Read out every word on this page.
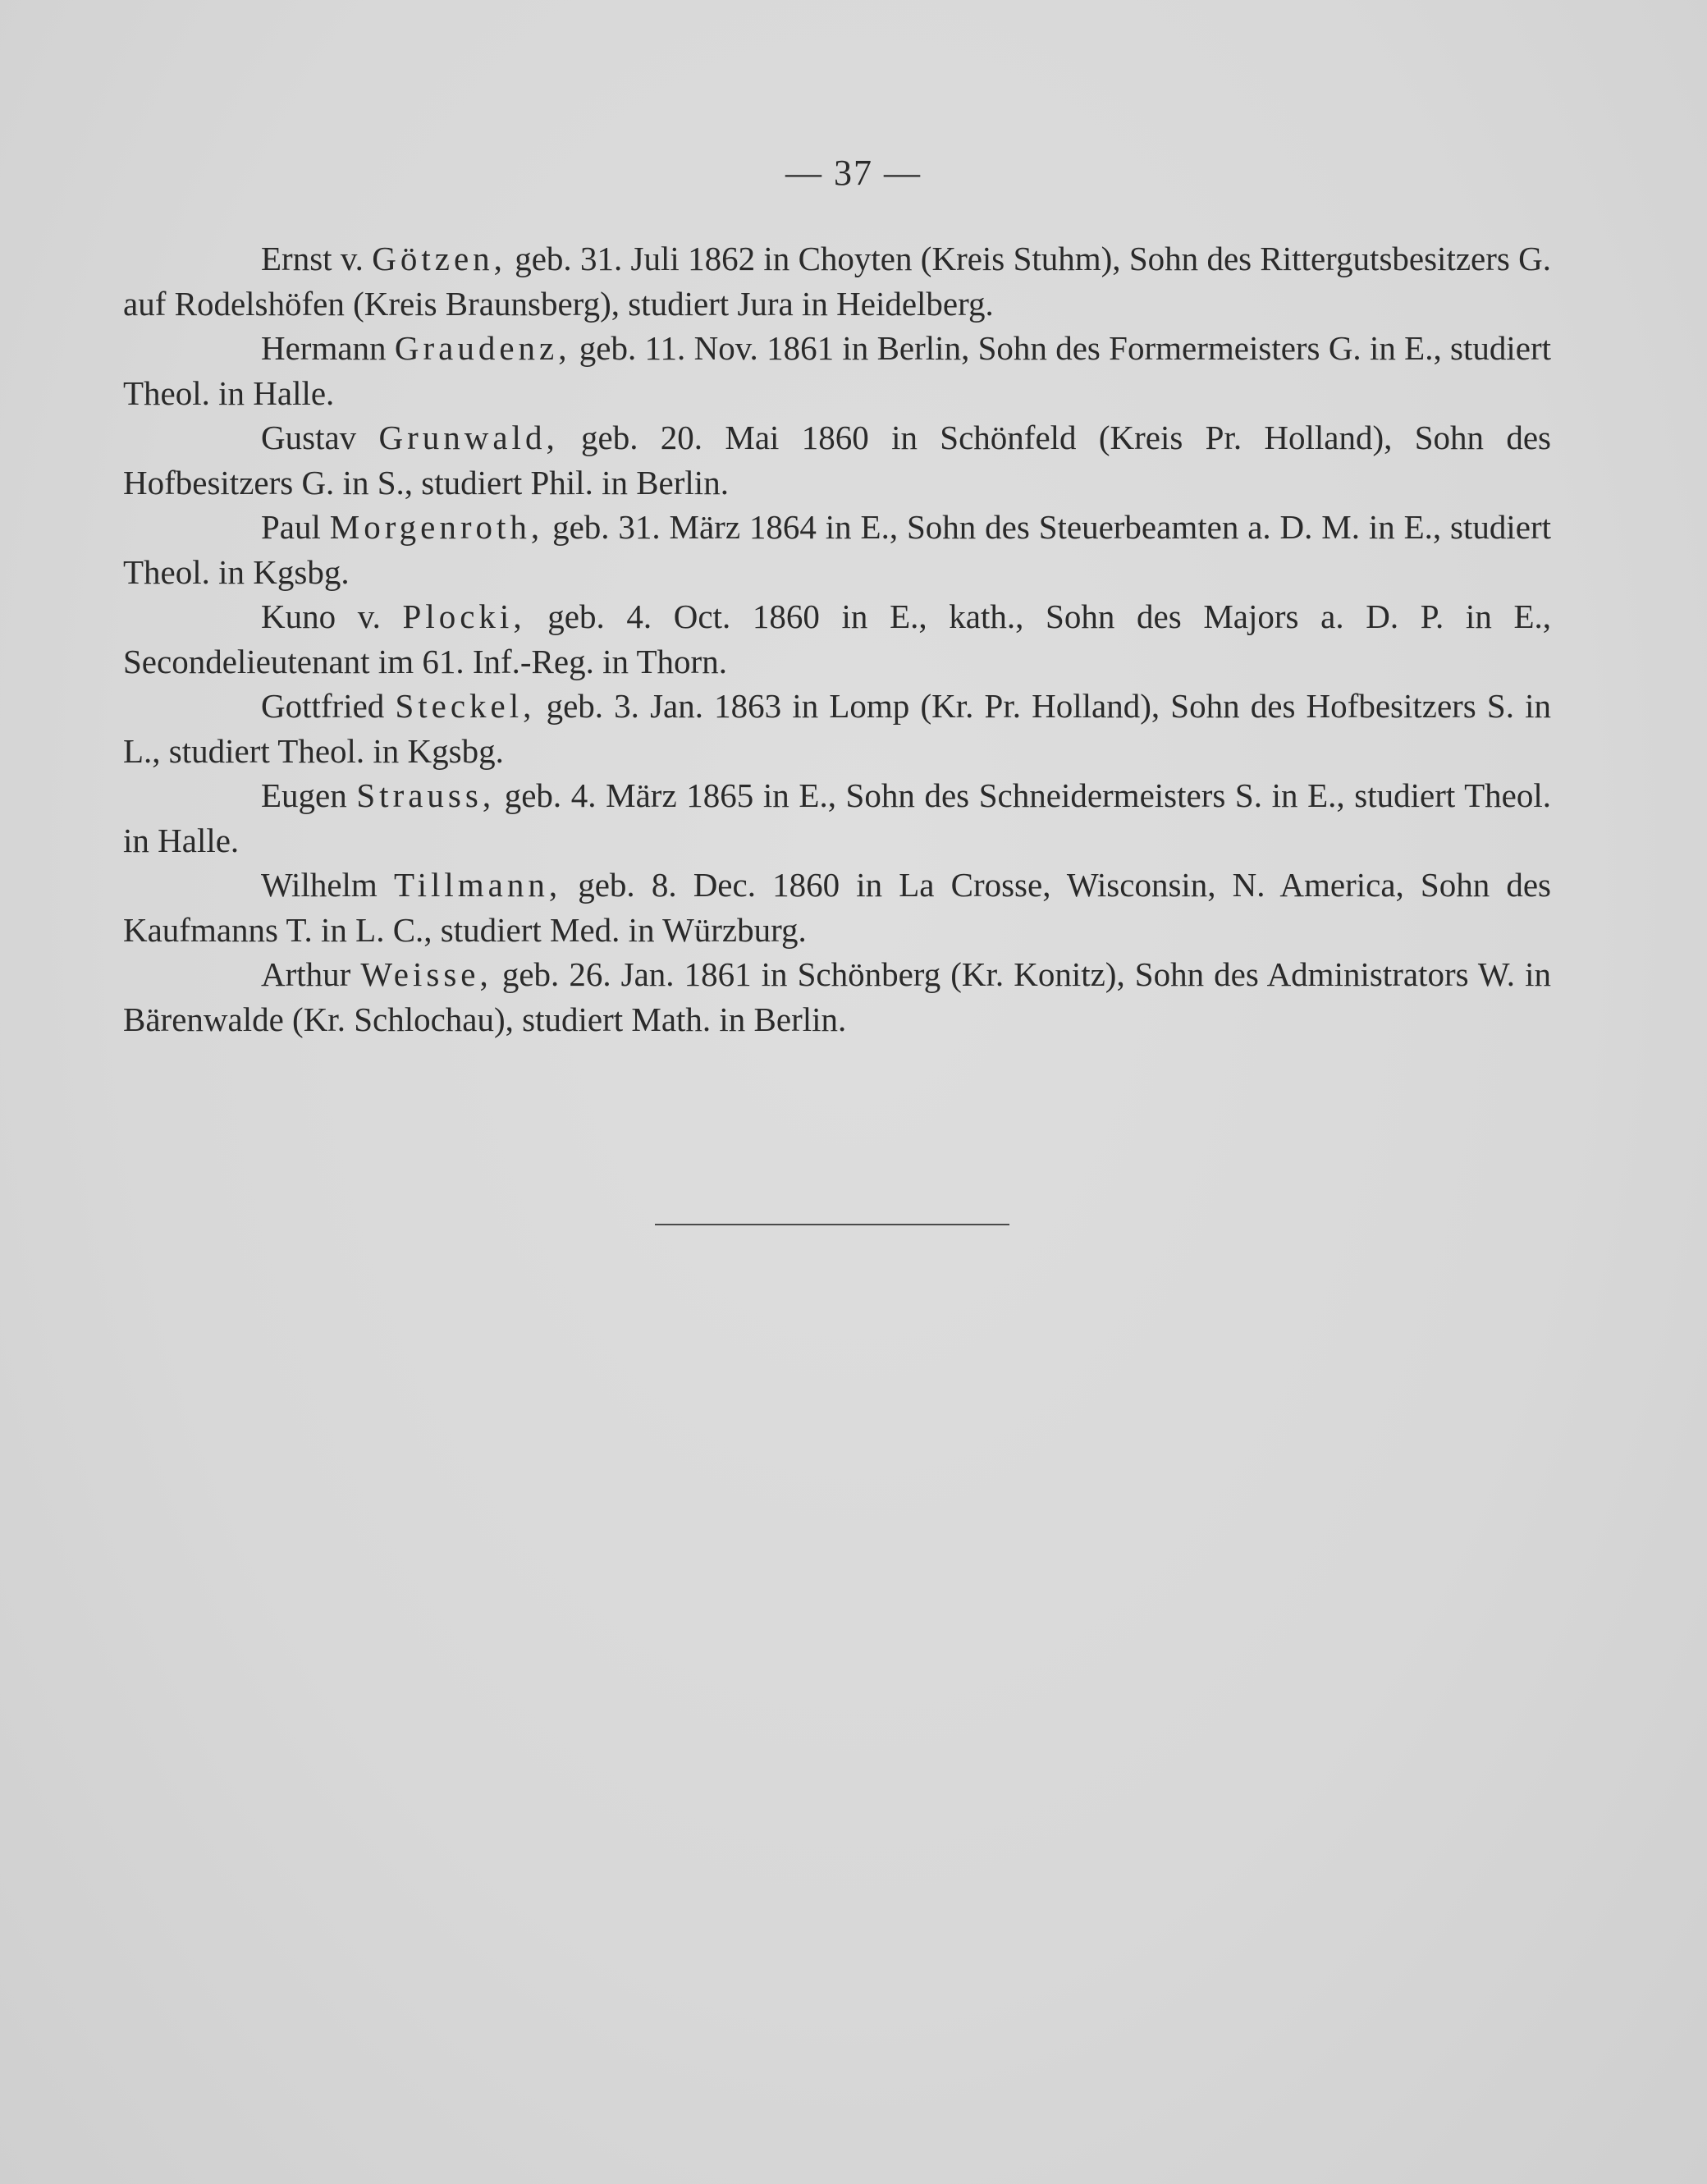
— 37 —

Ernst v. Götzen, geb. 31. Juli 1862 in Choyten (Kreis Stuhm), Sohn des Rittergutsbesitzers G. auf Rodelshöfen (Kreis Braunsberg), studiert Jura in Heidelberg.

Hermann Graudenz, geb. 11. Nov. 1861 in Berlin, Sohn des Formermeisters G. in E., studiert Theol. in Halle.

Gustav Grunwald, geb. 20. Mai 1860 in Schönfeld (Kreis Pr. Holland), Sohn des Hofbesitzers G. in S., studiert Phil. in Berlin.

Paul Morgenroth, geb. 31. März 1864 in E., Sohn des Steuerbeamten a. D. M. in E., studiert Theol. in Kgsbg.

Kuno v. Plocki, geb. 4. Oct. 1860 in E., kath., Sohn des Majors a. D. P. in E., Secondelieutenant im 61. Inf.-Reg. in Thorn.

Gottfried Steckel, geb. 3. Jan. 1863 in Lomp (Kr. Pr. Holland), Sohn des Hofbesitzers S. in L., studiert Theol. in Kgsbg.

Eugen Strauss, geb. 4. März 1865 in E., Sohn des Schneidermeisters S. in E., studiert Theol. in Halle.

Wilhelm Tillmann, geb. 8. Dec. 1860 in La Crosse, Wisconsin, N. America, Sohn des Kaufmanns T. in L. C., studiert Med. in Würzburg.

Arthur Weisse, geb. 26. Jan. 1861 in Schönberg (Kr. Konitz), Sohn des Administrators W. in Bärenwalde (Kr. Schlochau), studiert Math. in Berlin.
